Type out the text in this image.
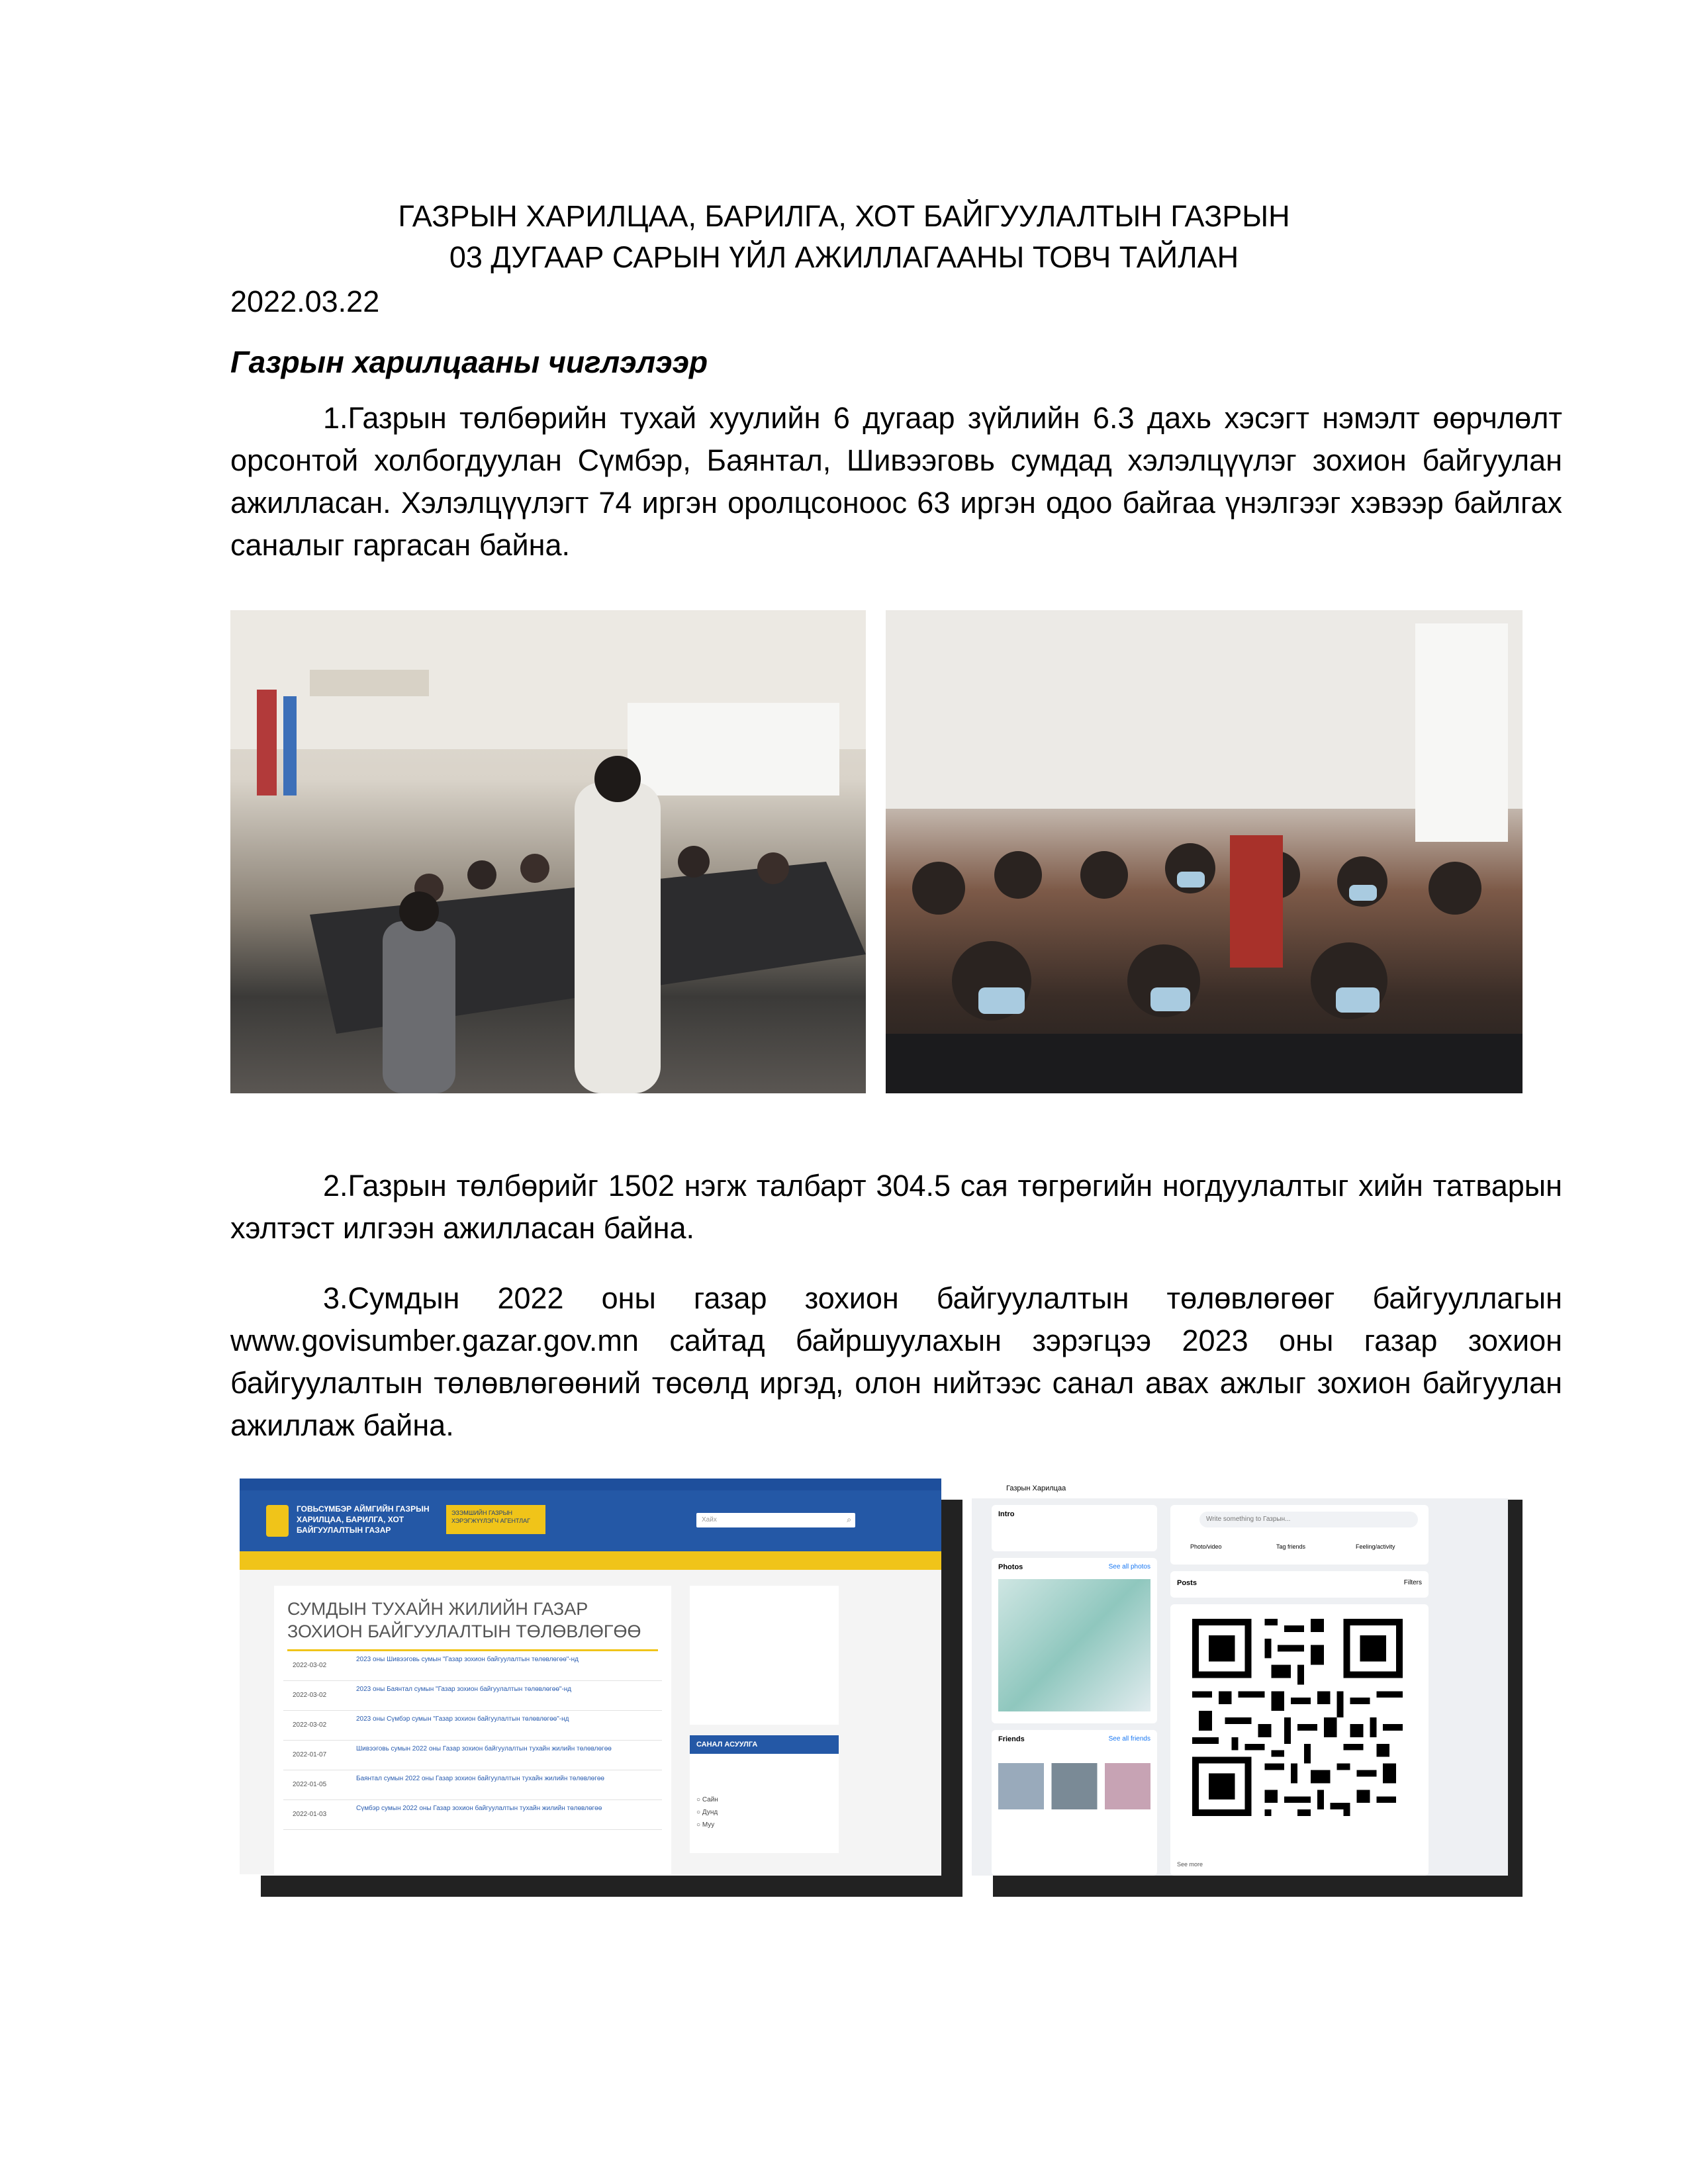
ГАЗРЫН ХАРИЛЦАА, БАРИЛГА, ХОТ БАЙГУУЛАЛТЫН ГАЗРЫН
03 ДУГААР САРЫН ҮЙЛ АЖИЛЛАГААНЫ ТОВЧ ТАЙЛАН
2022.03.22
Газрын харилцааны чиглэлээр
1.Газрын төлбөрийн тухай хуулийн 6 дугаар зүйлийн 6.3 дахь хэсэгт нэмэлт өөрчлөлт орсонтой холбогдуулан Сүмбэр, Баянтал, Шивээговь сумдад хэлэлцүүлэг зохион байгуулан ажилласан. Хэлэлцүүлэгт 74 иргэн оролцсоноос 63 иргэн одоо байгаа үнэлгээг хэвээр байлгах саналыг гаргасан байна.
2.Газрын төлбөрийг 1502 нэгж талбарт 304.5 сая төгрөгийн ногдуулалтыг хийн татварын хэлтэст илгээн ажилласан байна.
3.Сумдын 2022 оны газар зохион байгуулалтын төлөвлөгөөг байгууллагын www.govisumber.gazar.gov.mn сайтад байршуулахын зэрэгцээ 2023 оны газар зохион байгуулалтын төлөвлөгөөний төсөлд иргэд, олон нийтээс санал авах ажлыг зохион байгуулан ажиллаж байна.
ГОВЬСҮМБЭР АЙМГИЙН ГАЗРЫН ХАРИЛЦАА, БАРИЛГА, ХОТ БАЙГУУЛАЛТЫН ГАЗАР
ЭЗЭМШИЙН ГАЗРЫН ХЭРЭГЖҮҮЛЭГЧ АГЕНТЛАГ	Хайх	⌕
СУМДЫН ТУХАЙН ЖИЛИЙН ГАЗАР ЗОХИОН БАЙГУУЛАЛТЫН ТӨЛӨВЛӨГӨӨ
2022-03-02
2023 оны Шивээговь сумын "Газар зохион байгуулалтын төлөвлөгөө"-нд
2022-03-02
2023 оны Баянтал сумын "Газар зохион байгуулалтын төлөвлөгөө"-нд
2022-03-02
2023 оны Сүмбэр сумын "Газар зохион байгуулалтын төлөвлөгөө"-нд
2022-01-07
Шивээговь сумын 2022 оны Газар зохион байгуулалтын тухайн жилийн төлөвлөгөө
2022-01-05
Баянтал сумын 2022 оны Газар зохион байгуулалтын тухайн жилийн төлөвлөгөө
2022-01-03
Сүмбэр сумын 2022 оны Газар зохион байгуулалтын тухайн жилийн төлөвлөгөө
САНАЛ АСУУЛГА
○ Сайн
○ Дунд
○ Муу
Газрын Харилцаа
Intro
Photos	See all photos
Friends	See all friends
Write something to Газрын...
Photo/video	Tag friends	Feeling/activity
Posts	Filters
See more
